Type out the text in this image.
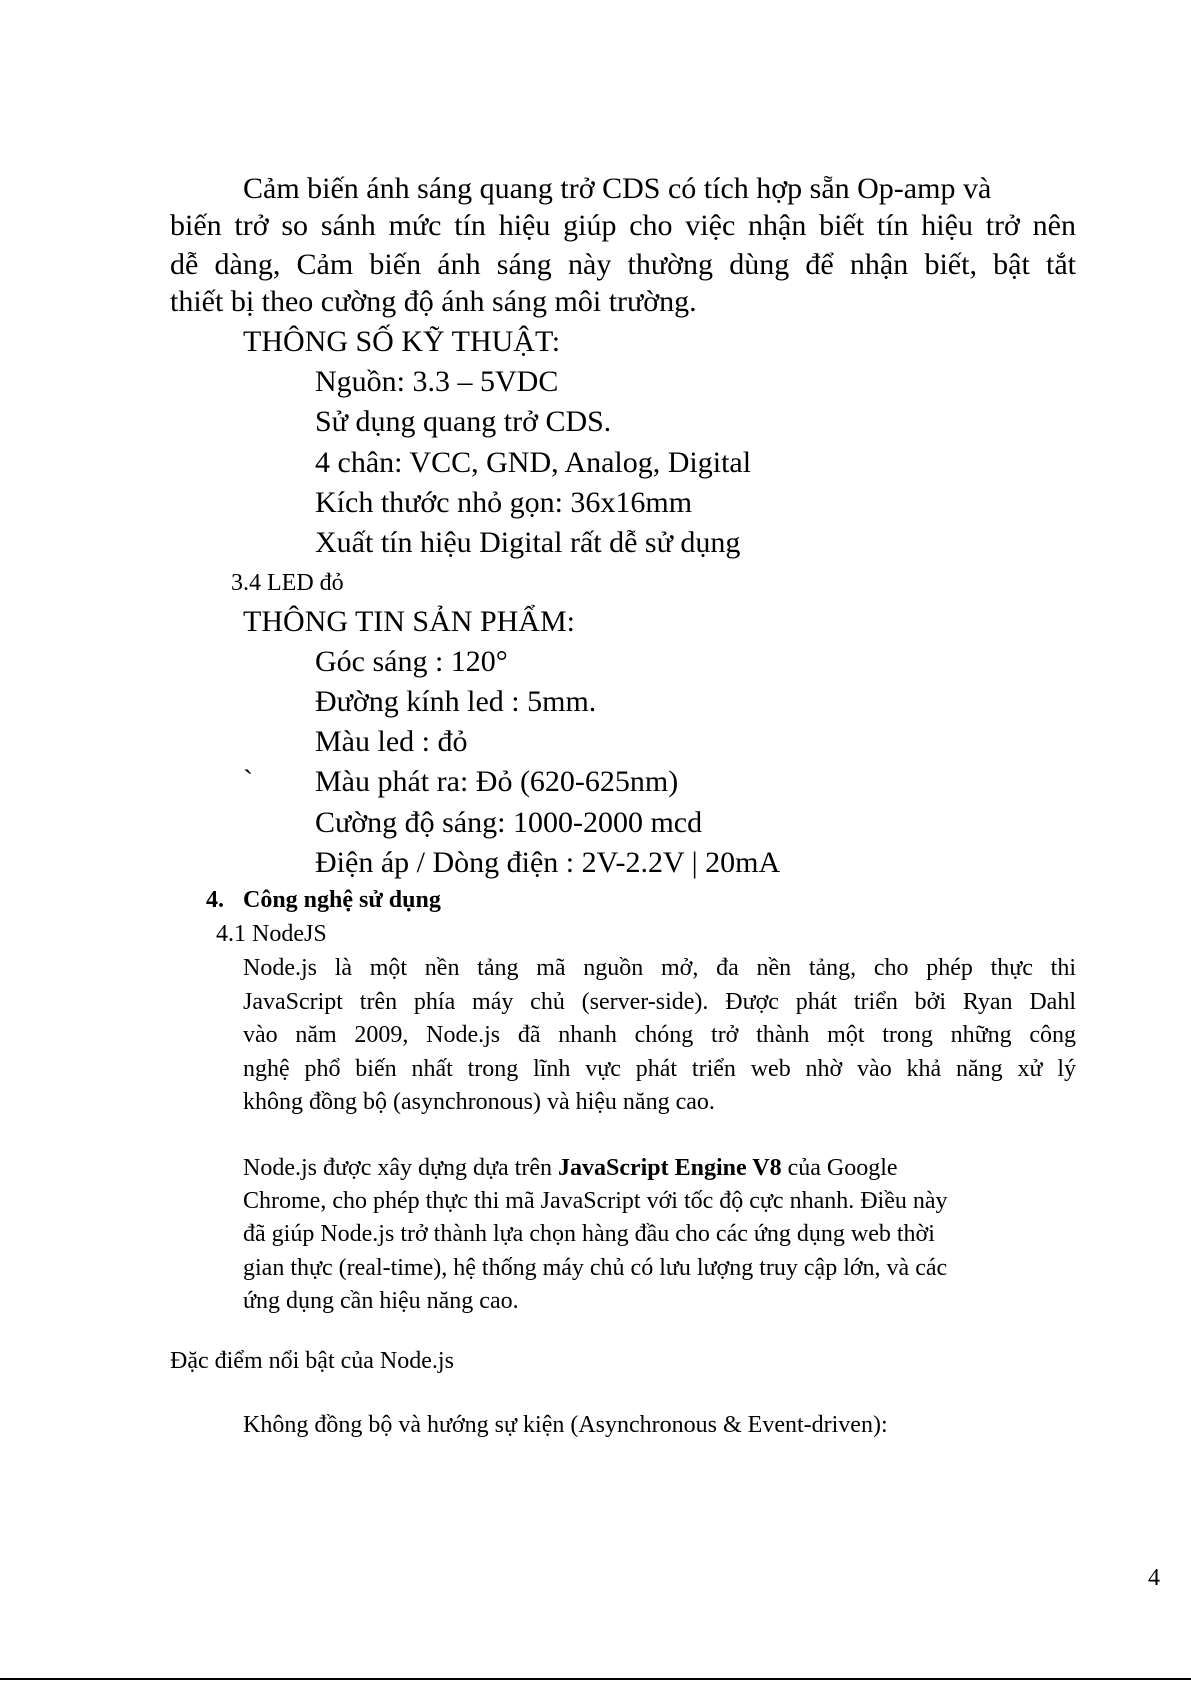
Cảm biến ánh sáng quang trở CDS có tích hợp sẵn Op-amp và
biến trở so sánh mức tín hiệu giúp cho việc nhận biết tín hiệu trở nên
dễ dàng, Cảm biến ánh sáng này thường dùng để nhận biết, bật tắt
thiết bị theo cường độ ánh sáng môi trường.
THÔNG SỐ KỸ THUẬT:
Nguồn: 3.3 – 5VDC
Sử dụng quang trở CDS.
4 chân: VCC, GND, Analog, Digital
Kích thước nhỏ gọn: 36x16mm
Xuất tín hiệu Digital rất dễ sử dụng
3.4 LED đỏ
THÔNG TIN SẢN PHẨM:
Góc sáng : 120°
Đường kính led : 5mm.
Màu led : đỏ
` Màu phát ra: Đỏ (620-625nm)
Cường độ sáng: 1000-2000 mcd
Điện áp / Dòng điện : 2V-2.2V | 20mA
4. Công nghệ sử dụng
4.1 NodeJS
Node.js là một nền tảng mã nguồn mở, đa nền tảng, cho phép thực thi
JavaScript trên phía máy chủ (server-side). Được phát triển bởi Ryan Dahl
vào năm 2009, Node.js đã nhanh chóng trở thành một trong những công
nghệ phổ biến nhất trong lĩnh vực phát triển web nhờ vào khả năng xử lý
không đồng bộ (asynchronous) và hiệu năng cao.
Node.js được xây dựng dựa trên JavaScript Engine V8 của Google
Chrome, cho phép thực thi mã JavaScript với tốc độ cực nhanh. Điều này
đã giúp Node.js trở thành lựa chọn hàng đầu cho các ứng dụng web thời
gian thực (real-time), hệ thống máy chủ có lưu lượng truy cập lớn, và các
ứng dụng cần hiệu năng cao.
Đặc điểm nổi bật của Node.js
Không đồng bộ và hướng sự kiện (Asynchronous & Event-driven):
4
